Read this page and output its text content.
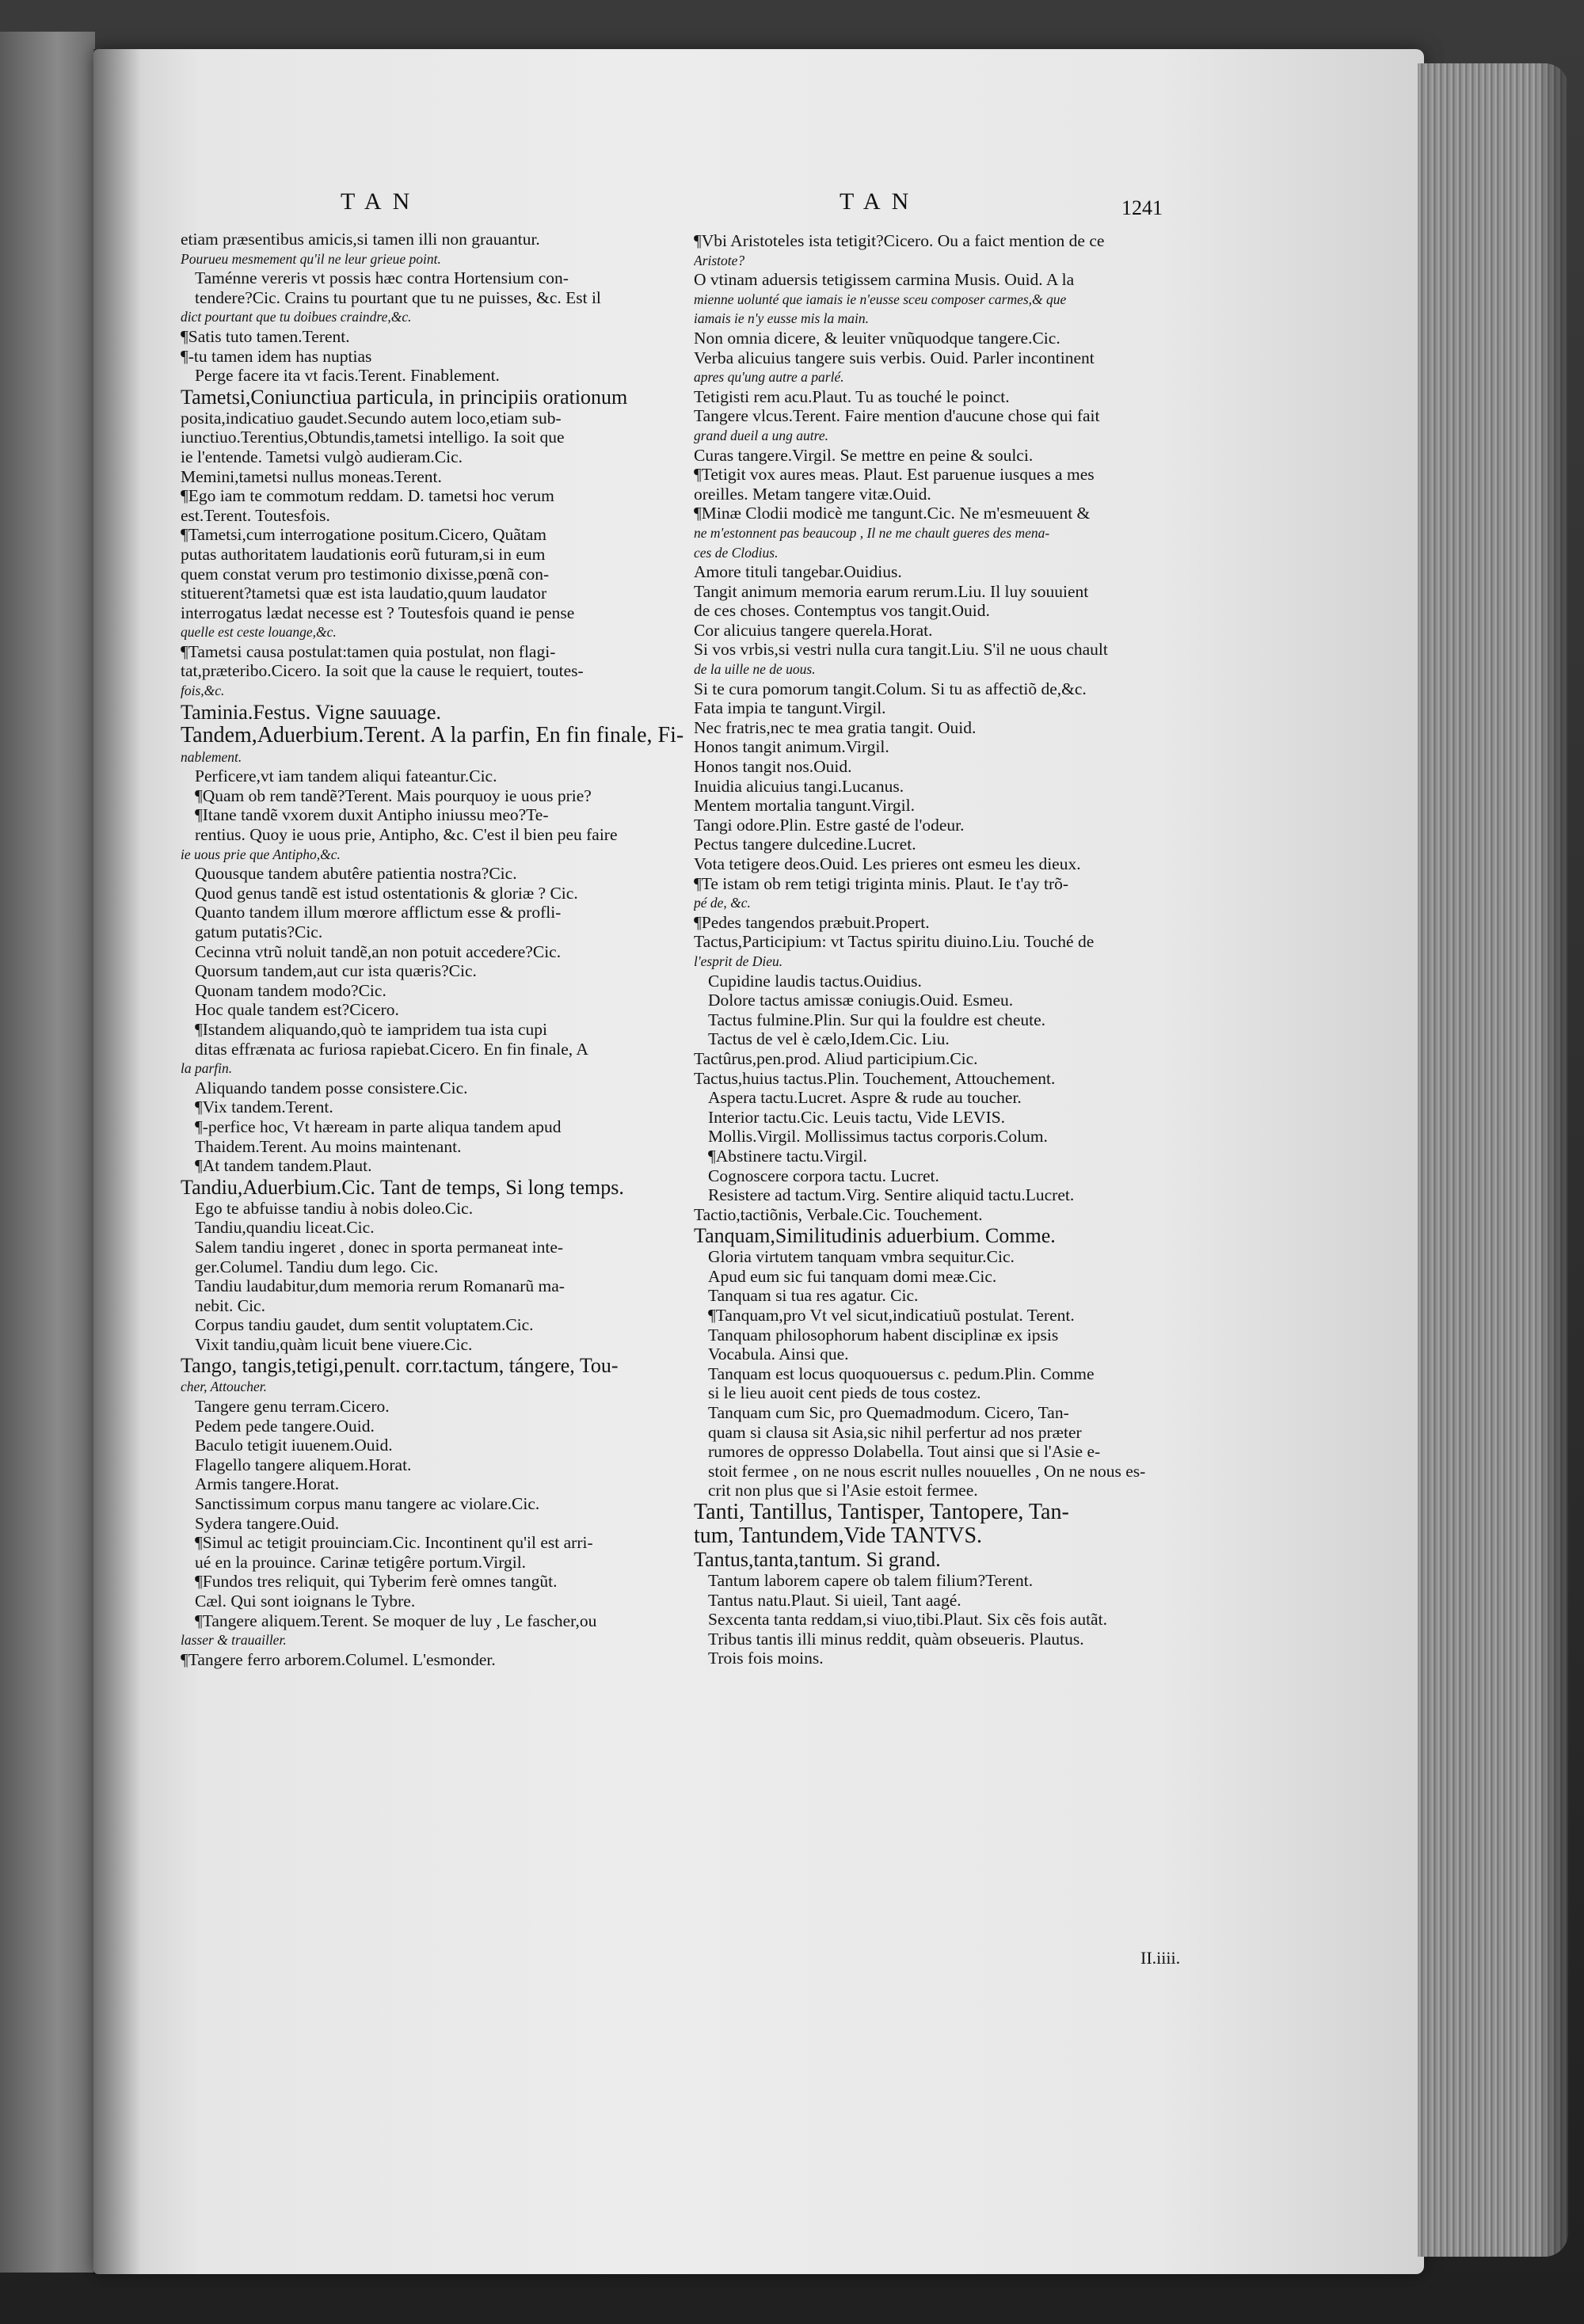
TAN	TAN	1241
etiam præsentibus amicis,si tamen illi non grauantur.
Pourueu mesmement qu'il ne leur grieue point.
Taménne vereris vt possis hæc contra Hortensium con-
tendere?Cic. Crains tu pourtant que tu ne puisses, &c. Est il
dict pourtant que tu doibues craindre,&c.
¶Satis tuto tamen.Terent.
¶-tu tamen idem has nuptias
Perge facere ita vt facis.Terent. Finablement.
Tametsi,Coniunctiua particula, in principiis orationum
posita,indicatiuo gaudet.Secundo autem loco,etiam sub-
iunctiuo.Terentius,Obtundis,tametsi intelligo. Ia soit que
ie l'entende. Tametsi vulgò audieram.Cic.
Memini,tametsi nullus moneas.Terent.
¶Ego iam te commotum reddam. D. tametsi hoc verum
est.Terent. Toutesfois.
¶Tametsi,cum interrogatione positum.Cicero, Quãtam
putas authoritatem laudationis eorũ futuram,si in eum
quem constat verum pro testimonio dixisse,pœnã con-
stituerent?tametsi quæ est ista laudatio,quum laudator
interrogatus lædat necesse est ? Toutesfois quand ie pense
quelle est ceste louange,&c.
¶Tametsi causa postulat:tamen quia postulat, non flagi-
tat,præteribo.Cicero. Ia soit que la cause le requiert, toutes-
fois,&c.
Taminia.Festus. Vigne sauuage.
Tandem,Aduerbium.Terent. A la parfin, En fin finale, Fi-
nablement.
Perficere,vt iam tandem aliqui fateantur.Cic.
¶Quam ob rem tandẽ?Terent. Mais pourquoy ie uous prie?
¶Itane tandẽ vxorem duxit Antipho iniussu meo?Te-
rentius. Quoy ie uous prie, Antipho, &c. C'est il bien peu faire
ie uous prie que Antipho,&c.
Quousque tandem abutêre patientia nostra?Cic.
Quod genus tandẽ est istud ostentationis & gloriæ ? Cic.
Quanto tandem illum mœrore afflictum esse & profli-
gatum putatis?Cic.
Cecinna vtrũ noluit tandẽ,an non potuit accedere?Cic.
Quorsum tandem,aut cur ista quæris?Cic.
Quonam tandem modo?Cic.
Hoc quale tandem est?Cicero.
¶Istandem aliquando,quò te iampridem tua ista cupi
ditas effrænata ac furiosa rapiebat.Cicero. En fin finale, A
la parfin.
Aliquando tandem posse consistere.Cic.
¶Vix tandem.Terent.
¶-perfice hoc, Vt hæream in parte aliqua tandem apud
Thaidem.Terent. Au moins maintenant.
¶At tandem tandem.Plaut.
Tandiu,Aduerbium.Cic. Tant de temps, Si long temps.
Ego te abfuisse tandiu à nobis doleo.Cic.
Tandiu,quandiu liceat.Cic.
Salem tandiu ingeret , donec in sporta permaneat inte-
ger.Columel. Tandiu dum lego. Cic.
Tandiu laudabitur,dum memoria rerum Romanarũ ma-
nebit. Cic.
Corpus tandiu gaudet, dum sentit voluptatem.Cic.
Vixit tandiu,quàm licuit bene viuere.Cic.
Tango, tangis,tetigi,penult. corr.tactum, tángere, Tou-
cher, Attoucher.
Tangere genu terram.Cicero.
Pedem pede tangere.Ouid.
Baculo tetigit iuuenem.Ouid.
Flagello tangere aliquem.Horat.
Armis tangere.Horat.
Sanctissimum corpus manu tangere ac violare.Cic.
Sydera tangere.Ouid.
¶Simul ac tetigit prouinciam.Cic. Incontinent qu'il est arri-
ué en la prouince. Carinæ tetigêre portum.Virgil.
¶Fundos tres reliquit, qui Tyberim ferè omnes tangũt.
Cæl. Qui sont ioignans le Tybre.
¶Tangere aliquem.Terent. Se moquer de luy , Le fascher,ou
lasser & trauailler.
¶Tangere ferro arborem.Columel. L'esmonder.
¶Vbi Aristoteles ista tetigit?Cicero. Ou a faict mention de ce
Aristote?
O vtinam aduersis tetigissem carmina Musis. Ouid. A la
mienne uolunté que iamais ie n'eusse sceu composer carmes,& que
iamais ie n'y eusse mis la main.
Non omnia dicere, & leuiter vnũquodque tangere.Cic.
Verba alicuius tangere suis verbis. Ouid. Parler incontinent
apres qu'ung autre a parlé.
Tetigisti rem acu.Plaut. Tu as touché le poinct.
Tangere vlcus.Terent. Faire mention d'aucune chose qui fait
grand dueil a ung autre.
Curas tangere.Virgil. Se mettre en peine & soulci.
¶Tetigit vox aures meas. Plaut. Est paruenue iusques a mes
oreilles. Metam tangere vitæ.Ouid.
¶Minæ Clodii modicè me tangunt.Cic. Ne m'esmeuuent &
ne m'estonnent pas beaucoup , Il ne me chault gueres des mena-
ces de Clodius.
Amore tituli tangebar.Ouidius.
Tangit animum memoria earum rerum.Liu. Il luy souuient
de ces choses. Contemptus vos tangit.Ouid.
Cor alicuius tangere querela.Horat.
Si vos vrbis,si vestri nulla cura tangit.Liu. S'il ne uous chault
de la uille ne de uous.
Si te cura pomorum tangit.Colum. Si tu as affectiõ de,&c.
Fata impia te tangunt.Virgil.
Nec fratris,nec te mea gratia tangit. Ouid.
Honos tangit animum.Virgil.
Honos tangit nos.Ouid.
Inuidia alicuius tangi.Lucanus.
Mentem mortalia tangunt.Virgil.
Tangi odore.Plin. Estre gasté de l'odeur.
Pectus tangere dulcedine.Lucret.
Vota tetigere deos.Ouid. Les prieres ont esmeu les dieux.
¶Te istam ob rem tetigi triginta minis. Plaut. Ie t'ay trõ-
pé de, &c.
¶Pedes tangendos præbuit.Propert.
Tactus,Participium: vt Tactus spiritu diuino.Liu. Touché de
l'esprit de Dieu.
Cupidine laudis tactus.Ouidius.
Dolore tactus amissæ coniugis.Ouid. Esmeu.
Tactus fulmine.Plin. Sur qui la fouldre est cheute.
Tactus de vel è cælo,Idem.Cic. Liu.
Tactûrus,pen.prod. Aliud participium.Cic.
Tactus,huius tactus.Plin. Touchement, Attouchement.
Aspera tactu.Lucret. Aspre & rude au toucher.
Interior tactu.Cic. Leuis tactu, Vide LEVIS.
Mollis.Virgil. Mollissimus tactus corporis.Colum.
¶Abstinere tactu.Virgil.
Cognoscere corpora tactu. Lucret.
Resistere ad tactum.Virg. Sentire aliquid tactu.Lucret.
Tactio,tactiõnis, Verbale.Cic. Touchement.
Tanquam,Similitudinis aduerbium. Comme.
Gloria virtutem tanquam vmbra sequitur.Cic.
Apud eum sic fui tanquam domi meæ.Cic.
Tanquam si tua res agatur. Cic.
¶Tanquam,pro Vt vel sicut,indicatiuũ postulat. Terent.
Tanquam philosophorum habent disciplinæ ex ipsis
Vocabula. Ainsi que.
Tanquam est locus quoquouersus c. pedum.Plin. Comme
si le lieu auoit cent pieds de tous costez.
Tanquam cum Sic, pro Quemadmodum. Cicero, Tan-
quam si clausa sit Asia,sic nihil perfertur ad nos præter
rumores de oppresso Dolabella. Tout ainsi que si l'Asie e-
stoit fermee , on ne nous escrit nulles nouuelles , On ne nous es-
crit non plus que si l'Asie estoit fermee.
Tanti, Tantillus, Tantisper, Tantopere, Tan-
tum, Tantundem,Vide TANTVS.
Tantus,tanta,tantum. Si grand.
Tantum laborem capere ob talem filium?Terent.
Tantus natu.Plaut. Si uieil, Tant aagé.
Sexcenta tanta reddam,si viuo,tibi.Plaut. Six cẽs fois autãt.
Tribus tantis illi minus reddit, quàm obseueris. Plautus.
Trois fois moins.
II.iiii.
